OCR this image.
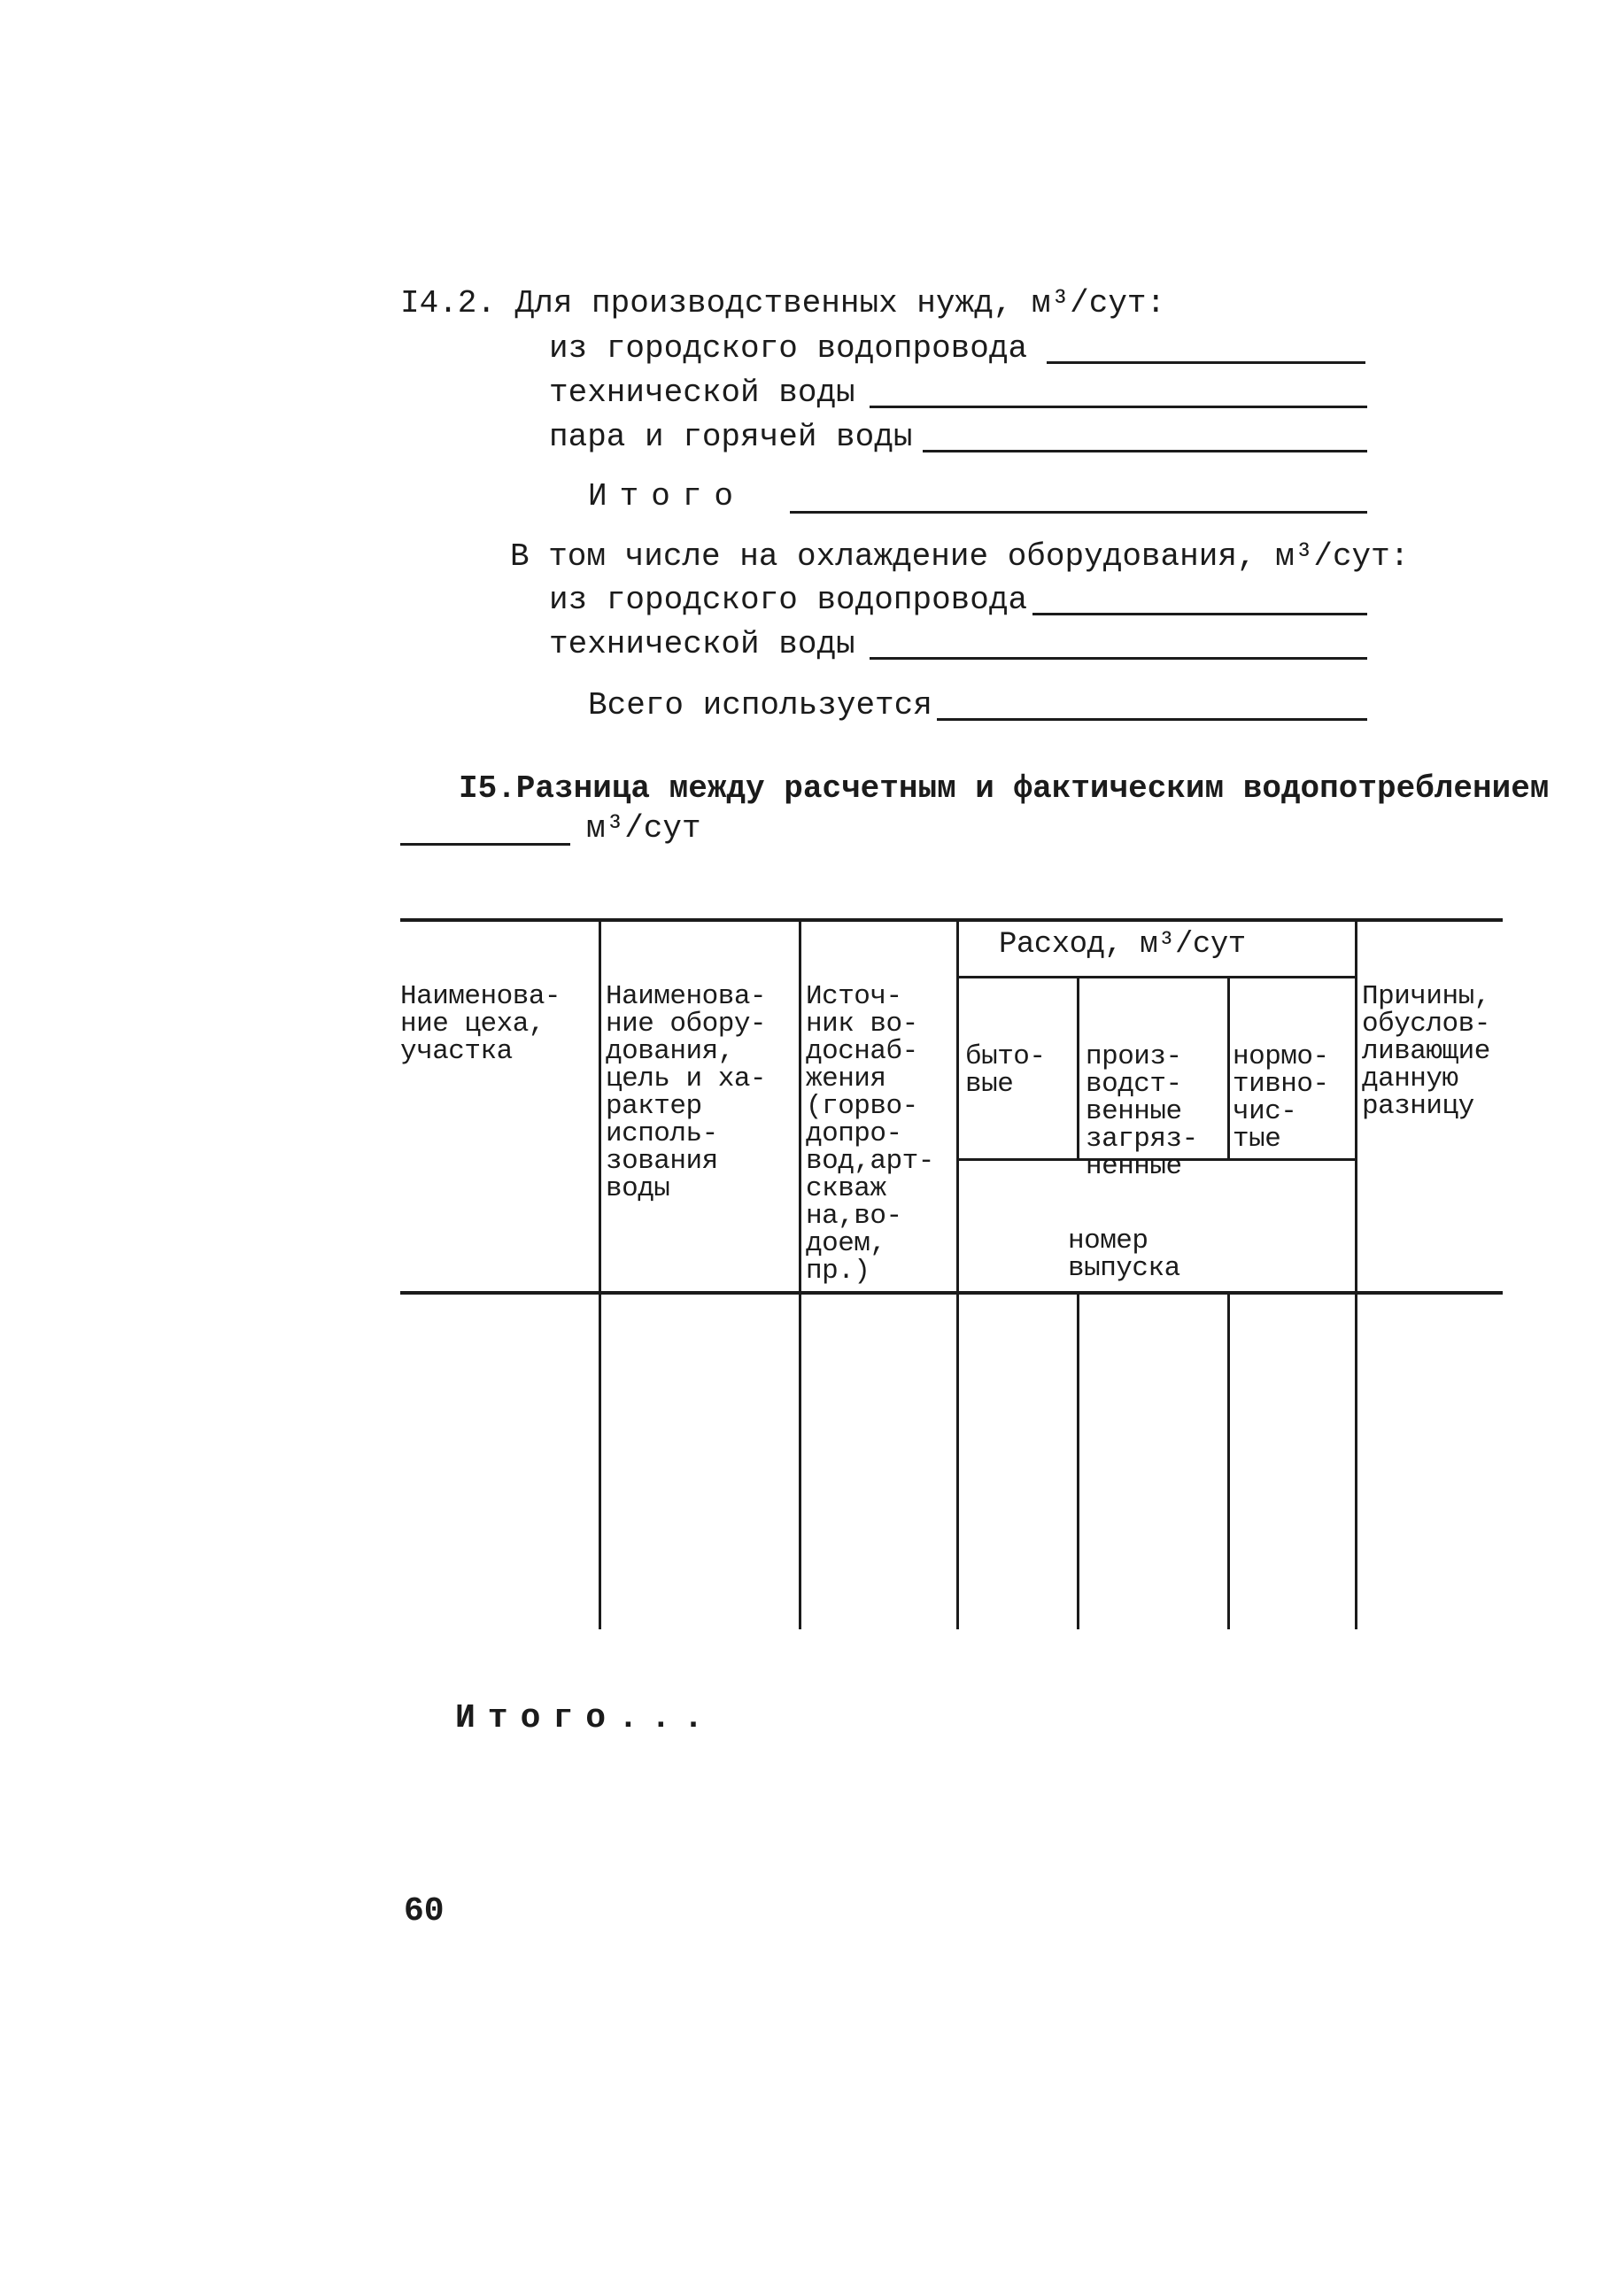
I4.2. Для производственных нужд, м³/сут:
из городского водопровода
технической воды
пара и горячей воды
Итого
В том числе на охлаждение оборудования, м³/сут:
из городского водопровода
технической воды
Всего используется
I5.Разница между расчетным и фактическим водопотреблением
м³/сут

Наименова-
ние цеха,
участка

Наименова-
ние обору-
дования,
цель и ха-
рактер
исполь-
зования
воды

Источ-
ник во-
доснаб-
жения
(горво-
допро-
вод,арт-
скваж
на,во-
доем,
пр.)

Расход, м³/сут

быто-
вые

произ-
водст-
венные
загряз-
ненные

нормо-
тивно-
чис-
тые

номер
выпуска

Причины,
обуслов-
ливающие
данную
разницу

Итого...
60
